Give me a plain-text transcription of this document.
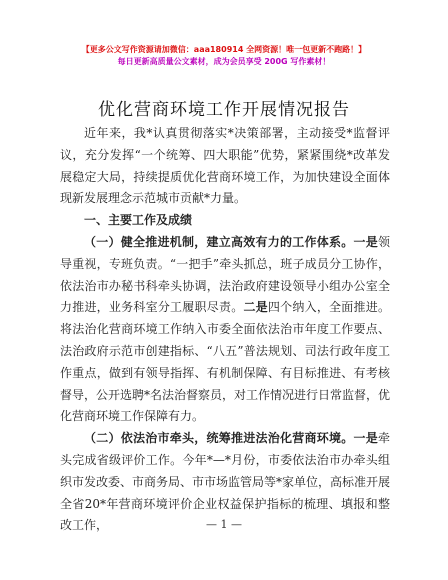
【更多公文写作资源请加微信：aaa180914 全网资源！唯一包更新不跑路！】
每日更新高质量公文素材，成为会员享受 200G 写作素材！
优化营商环境工作开展情况报告

近年来，我*认真贯彻落实*决策部署，主动接受*监督评议，充分发挥“一个统筹、四大职能”优势，紧紧围绕*改革发展稳定大局，持续提质优化营商环境工作，为加快建设全面体现新发展理念示范城市贡献*力量。

一、主要工作及成绩

（一）健全推进机制，建立高效有力的工作体系。一是领导重视，专班负责。“一把手”牵头抓总，班子成员分工协作，依法治市办秘书科牵头协调，法治政府建设领导小组办公室全力推进，业务科室分工履职尽责。二是四个纳入，全面推进。将法治化营商环境工作纳入市委全面依法治市年度工作要点、法治政府示范市创建指标、“八五”普法规划、司法行政年度工作重点，做到有领导指挥、有机制保障、有目标推进、有考核督导，公开选聘*名法治督察员，对工作情况进行日常监督，优化营商环境工作保障有力。

（二）依法治市牵头，统筹推进法治化营商环境。一是牵头完成省级评价工作。今年*—*月份，市委依法治市办牵头组织市发改委、市商务局、市市场监管局等*家单位，高标准开展全省20*年营商环境评价企业权益保护指标的梳理、填报和整改工作，	— 1 —
